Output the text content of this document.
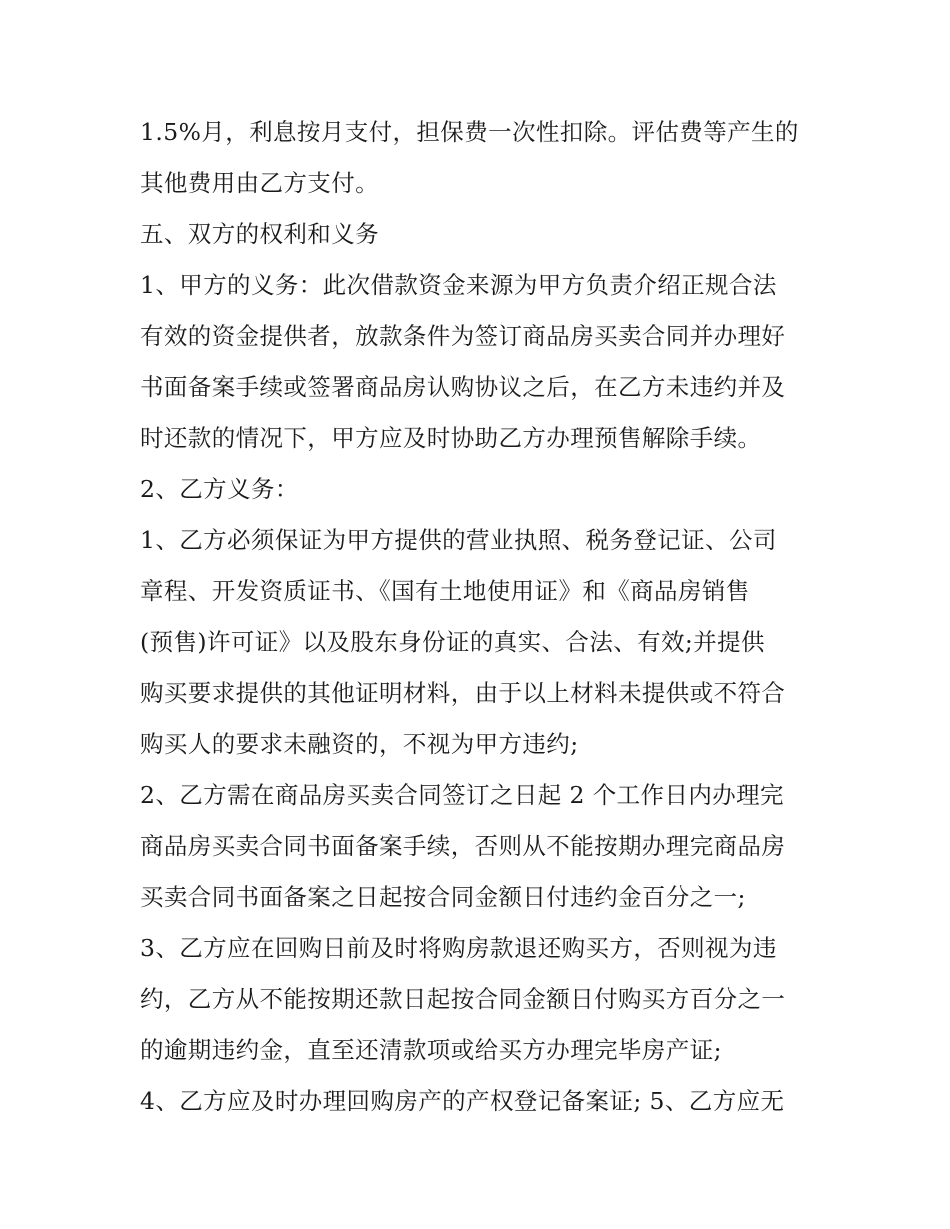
1.5%月，利息按月支付，担保费一次性扣除。评估费等产生的

其他费用由乙方支付。

五、双方的权利和义务

1、甲方的义务：此次借款资金来源为甲方负责介绍正规合法

有效的资金提供者，放款条件为签订商品房买卖合同并办理好

书面备案手续或签署商品房认购协议之后，在乙方未违约并及

时还款的情况下，甲方应及时协助乙方办理预售解除手续。

2、乙方义务：

1、乙方必须保证为甲方提供的营业执照、税务登记证、公司

章程、开发资质证书、《国有土地使用证》和《商品房销售

(预售)许可证》以及股东身份证的真实、合法、有效;并提供

购买要求提供的其他证明材料，由于以上材料未提供或不符合

购买人的要求未融资的，不视为甲方违约;

2、乙方需在商品房买卖合同签订之日起 2 个工作日内办理完

商品房买卖合同书面备案手续，否则从不能按期办理完商品房

买卖合同书面备案之日起按合同金额日付违约金百分之一;

3、乙方应在回购日前及时将购房款退还购买方，否则视为违

约，乙方从不能按期还款日起按合同金额日付购买方百分之一

的逾期违约金，直至还清款项或给买方办理完毕房产证;

4、乙方应及时办理回购房产的产权登记备案证; 5、乙方应无
